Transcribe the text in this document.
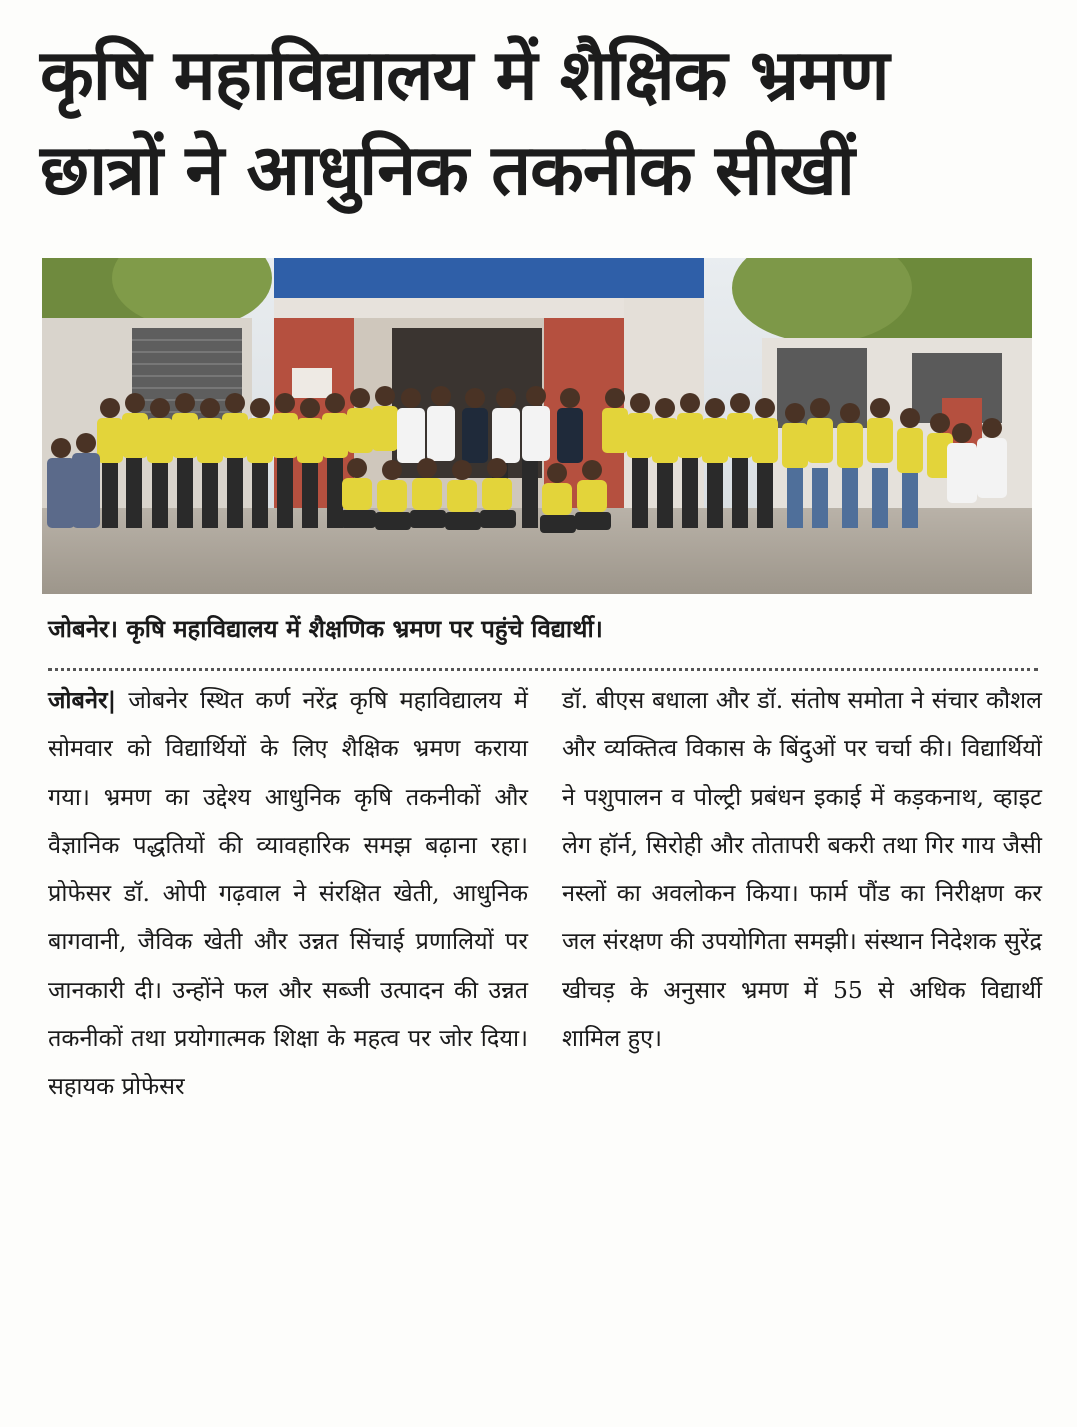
कृषि महाविद्यालय में शैक्षिक भ्रमण
छात्रों ने आधुनिक तकनीक सीखीं
जोबनेर। कृषि महाविद्यालय में शैक्षणिक भ्रमण पर पहुंचे विद्यार्थी।
जोबनेर| जोबनेर स्थित कर्ण नरेंद्र कृषि महाविद्यालय में सोमवार को विद्यार्थियों के लिए शैक्षिक भ्रमण कराया गया। भ्रमण का उद्देश्य आधुनिक कृषि तकनीकों और वैज्ञानिक पद्धतियों की व्यावहारिक समझ बढ़ाना रहा। प्रोफेसर डॉ. ओपी गढ़वाल ने संरक्षित खेती, आधुनिक बागवानी, जैविक खेती और उन्नत सिंचाई प्रणालियों पर जानकारी दी। उन्होंने फल और सब्जी उत्पादन की उन्नत तकनीकों तथा प्रयोगात्मक शिक्षा के महत्व पर जोर दिया। सहायक प्रोफेसर
डॉ. बीएस बधाला और डॉ. संतोष समोता ने संचार कौशल और व्यक्तित्व विकास के बिंदुओं पर चर्चा की। विद्यार्थियों ने पशुपालन व पोल्ट्री प्रबंधन इकाई में कड़कनाथ, व्हाइट लेग हॉर्न, सिरोही और तोतापरी बकरी तथा गिर गाय जैसी नस्लों का अवलोकन किया। फार्म पौंड का निरीक्षण कर जल संरक्षण की उपयोगिता समझी। संस्थान निदेशक सुरेंद्र खीचड़ के अनुसार भ्रमण में 55 से अधिक विद्यार्थी शामिल हुए।
